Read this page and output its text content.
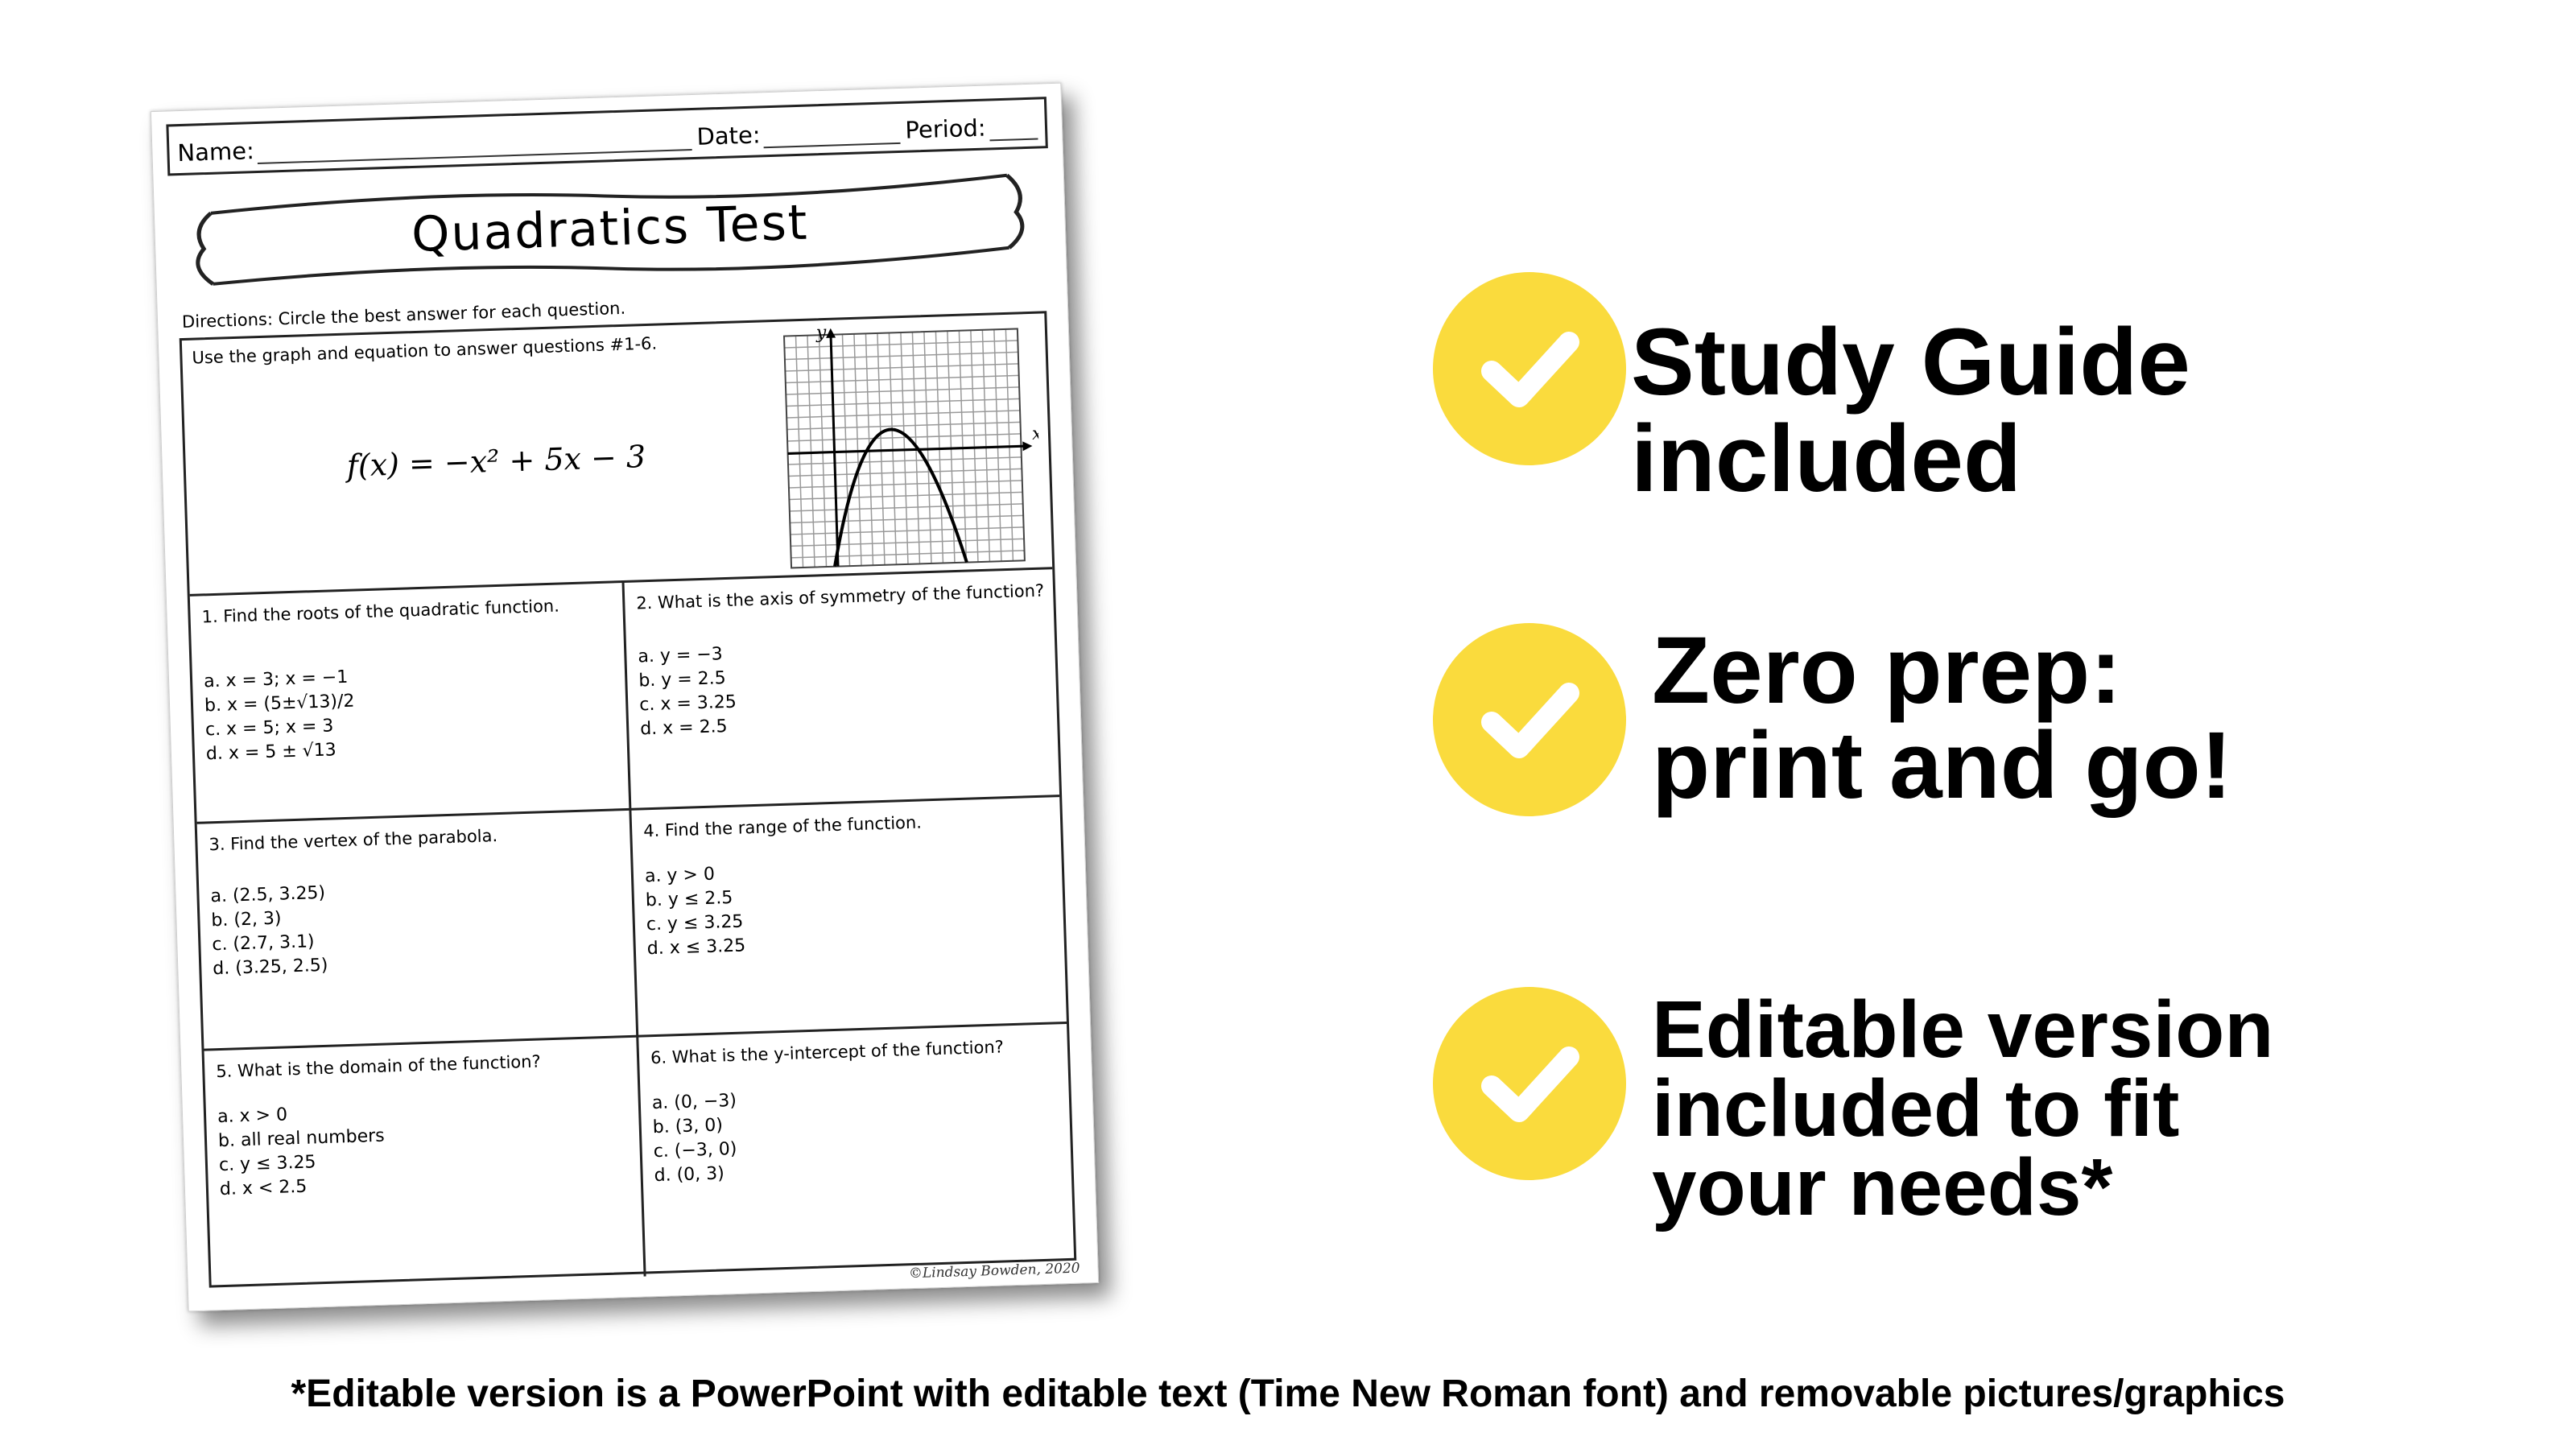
Name:
Date:	Period:
Quadratics Test
Directions: Circle the best answer for each question.
Use the graph and equation to answer questions #1-6.
f(x) = −x² + 5x − 3
x
y
1. Find the roots of the quadratic function.
a. x = 3; x = −1
b. x = (5±√13)/2
c. x = 5; x = 3
d. x = 5 ± √13
2. What is the axis of symmetry of the function?
a. y = −3
b. y = 2.5
c. x = 3.25
d. x = 2.5
3. Find the vertex of the parabola.
a. (2.5, 3.25)
b. (2, 3)
c. (2.7, 3.1)
d. (3.25, 2.5)
4. Find the range of the function.
a. y > 0
b. y ≤ 2.5
c. y ≤ 3.25
d. x ≤ 3.25
5. What is the domain of the function?
a. x > 0
b. all real numbers
c. y ≤ 3.25
d. x < 2.5
6. What is the y-intercept of the function?
a. (0, −3)
b. (3, 0)
c. (−3, 0)
d. (0, 3)
©Lindsay Bowden, 2020
Study Guide included
Zero prep:
print and go!
Editable version
included to fit
your needs*
*Editable version is a PowerPoint with editable text (Time New Roman font) and removable pictures/graphics
